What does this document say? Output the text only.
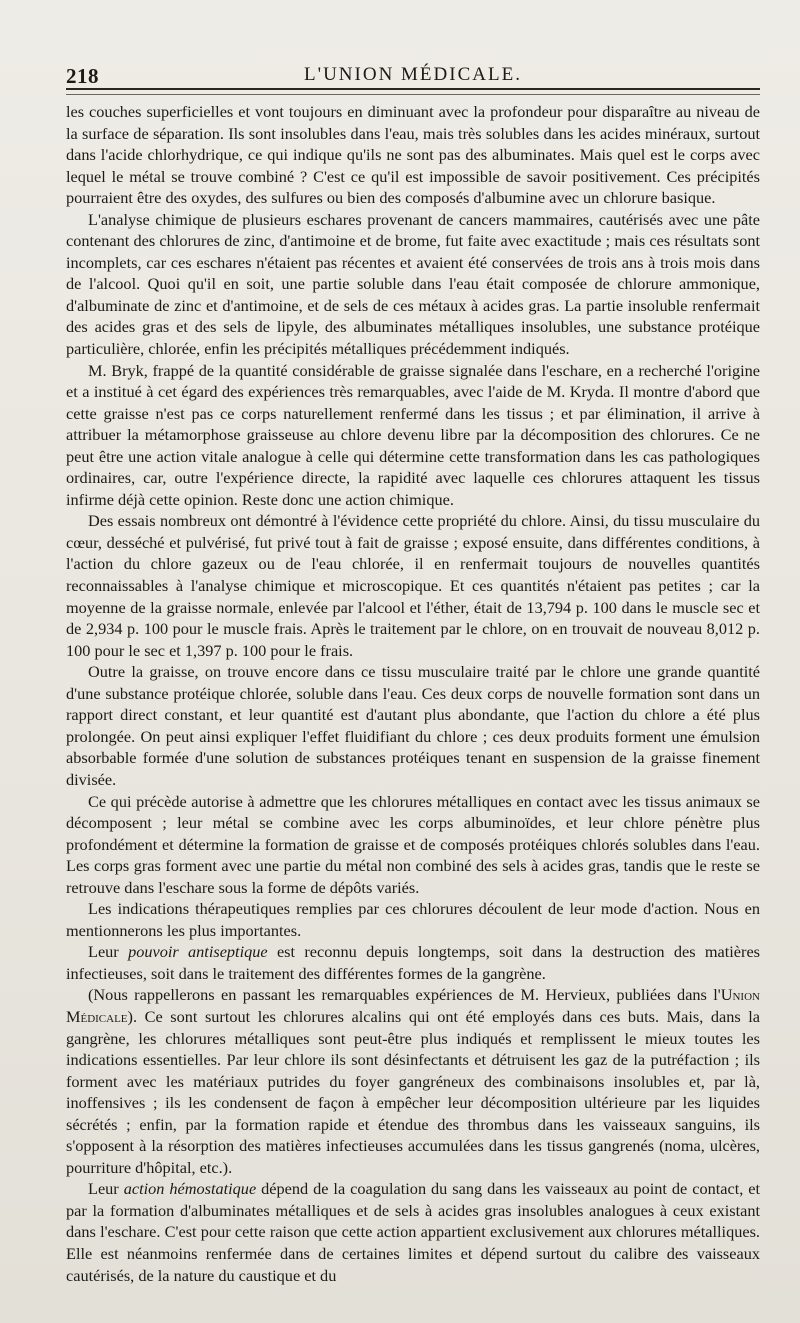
218	L'UNION MÉDICALE.

les couches superficielles et vont toujours en diminuant avec la profondeur pour disparaître au niveau de la surface de séparation. Ils sont insolubles dans l'eau, mais très solubles dans les acides minéraux, surtout dans l'acide chlorhydrique, ce qui indique qu'ils ne sont pas des albuminates. Mais quel est le corps avec lequel le métal se trouve combiné ? C'est ce qu'il est impossible de savoir positivement. Ces précipités pourraient être des oxydes, des sulfures ou bien des composés d'albumine avec un chlorure basique.

L'analyse chimique de plusieurs eschares provenant de cancers mammaires, cautérisés avec une pâte contenant des chlorures de zinc, d'antimoine et de brome, fut faite avec exactitude ; mais ces résultats sont incomplets, car ces eschares n'étaient pas récentes et avaient été conservées de trois ans à trois mois dans de l'alcool. Quoi qu'il en soit, une partie soluble dans l'eau était composée de chlorure ammonique, d'albuminate de zinc et d'antimoine, et de sels de ces métaux à acides gras. La partie insoluble renfermait des acides gras et des sels de lipyle, des albuminates métalliques insolubles, une substance protéique particulière, chlorée, enfin les précipités métalliques précédemment indiqués.

M. Bryk, frappé de la quantité considérable de graisse signalée dans l'eschare, en a recherché l'origine et a institué à cet égard des expériences très remarquables, avec l'aide de M. Kryda. Il montre d'abord que cette graisse n'est pas ce corps naturellement renfermé dans les tissus ; et par élimination, il arrive à attribuer la métamorphose graisseuse au chlore devenu libre par la décomposition des chlorures. Ce ne peut être une action vitale analogue à celle qui détermine cette transformation dans les cas pathologiques ordinaires, car, outre l'expérience directe, la rapidité avec laquelle ces chlorures attaquent les tissus infirme déjà cette opinion. Reste donc une action chimique.

Des essais nombreux ont démontré à l'évidence cette propriété du chlore. Ainsi, du tissu musculaire du cœur, desséché et pulvérisé, fut privé tout à fait de graisse ; exposé ensuite, dans différentes conditions, à l'action du chlore gazeux ou de l'eau chlorée, il en renfermait toujours de nouvelles quantités reconnaissables à l'analyse chimique et microscopique. Et ces quantités n'étaient pas petites ; car la moyenne de la graisse normale, enlevée par l'alcool et l'éther, était de 13,794 p. 100 dans le muscle sec et de 2,934 p. 100 pour le muscle frais. Après le traitement par le chlore, on en trouvait de nouveau 8,012 p. 100 pour le sec et 1,397 p. 100 pour le frais.

Outre la graisse, on trouve encore dans ce tissu musculaire traité par le chlore une grande quantité d'une substance protéique chlorée, soluble dans l'eau. Ces deux corps de nouvelle formation sont dans un rapport direct constant, et leur quantité est d'autant plus abondante, que l'action du chlore a été plus prolongée. On peut ainsi expliquer l'effet fluidifiant du chlore ; ces deux produits forment une émulsion absorbable formée d'une solution de substances protéiques tenant en suspension de la graisse finement divisée.

Ce qui précède autorise à admettre que les chlorures métalliques en contact avec les tissus animaux se décomposent ; leur métal se combine avec les corps albuminoïdes, et leur chlore pénètre plus profondément et détermine la formation de graisse et de composés protéiques chlorés solubles dans l'eau. Les corps gras forment avec une partie du métal non combiné des sels à acides gras, tandis que le reste se retrouve dans l'eschare sous la forme de dépôts variés.

Les indications thérapeutiques remplies par ces chlorures découlent de leur mode d'action. Nous en mentionnerons les plus importantes.

Leur pouvoir antiseptique est reconnu depuis longtemps, soit dans la destruction des matières infectieuses, soit dans le traitement des différentes formes de la gangrène.

(Nous rappellerons en passant les remarquables expériences de M. Hervieux, publiées dans l'Union Médicale). Ce sont surtout les chlorures alcalins qui ont été employés dans ces buts. Mais, dans la gangrène, les chlorures métalliques sont peut-être plus indiqués et remplissent le mieux toutes les indications essentielles. Par leur chlore ils sont désinfectants et détruisent les gaz de la putréfaction ; ils forment avec les matériaux putrides du foyer gangréneux des combinaisons insolubles et, par là, inoffensives ; ils les condensent de façon à empêcher leur décomposition ultérieure par les liquides sécrétés ; enfin, par la formation rapide et étendue des thrombus dans les vaisseaux sanguins, ils s'opposent à la résorption des matières infectieuses accumulées dans les tissus gangrenés (noma, ulcères, pourriture d'hôpital, etc.).

Leur action hémostatique dépend de la coagulation du sang dans les vaisseaux au point de contact, et par la formation d'albuminates métalliques et de sels à acides gras insolubles analogues à ceux existant dans l'eschare. C'est pour cette raison que cette action appartient exclusivement aux chlorures métalliques. Elle est néanmoins renfermée dans de certaines limites et dépend surtout du calibre des vaisseaux cautérisés, de la nature du caustique et du
